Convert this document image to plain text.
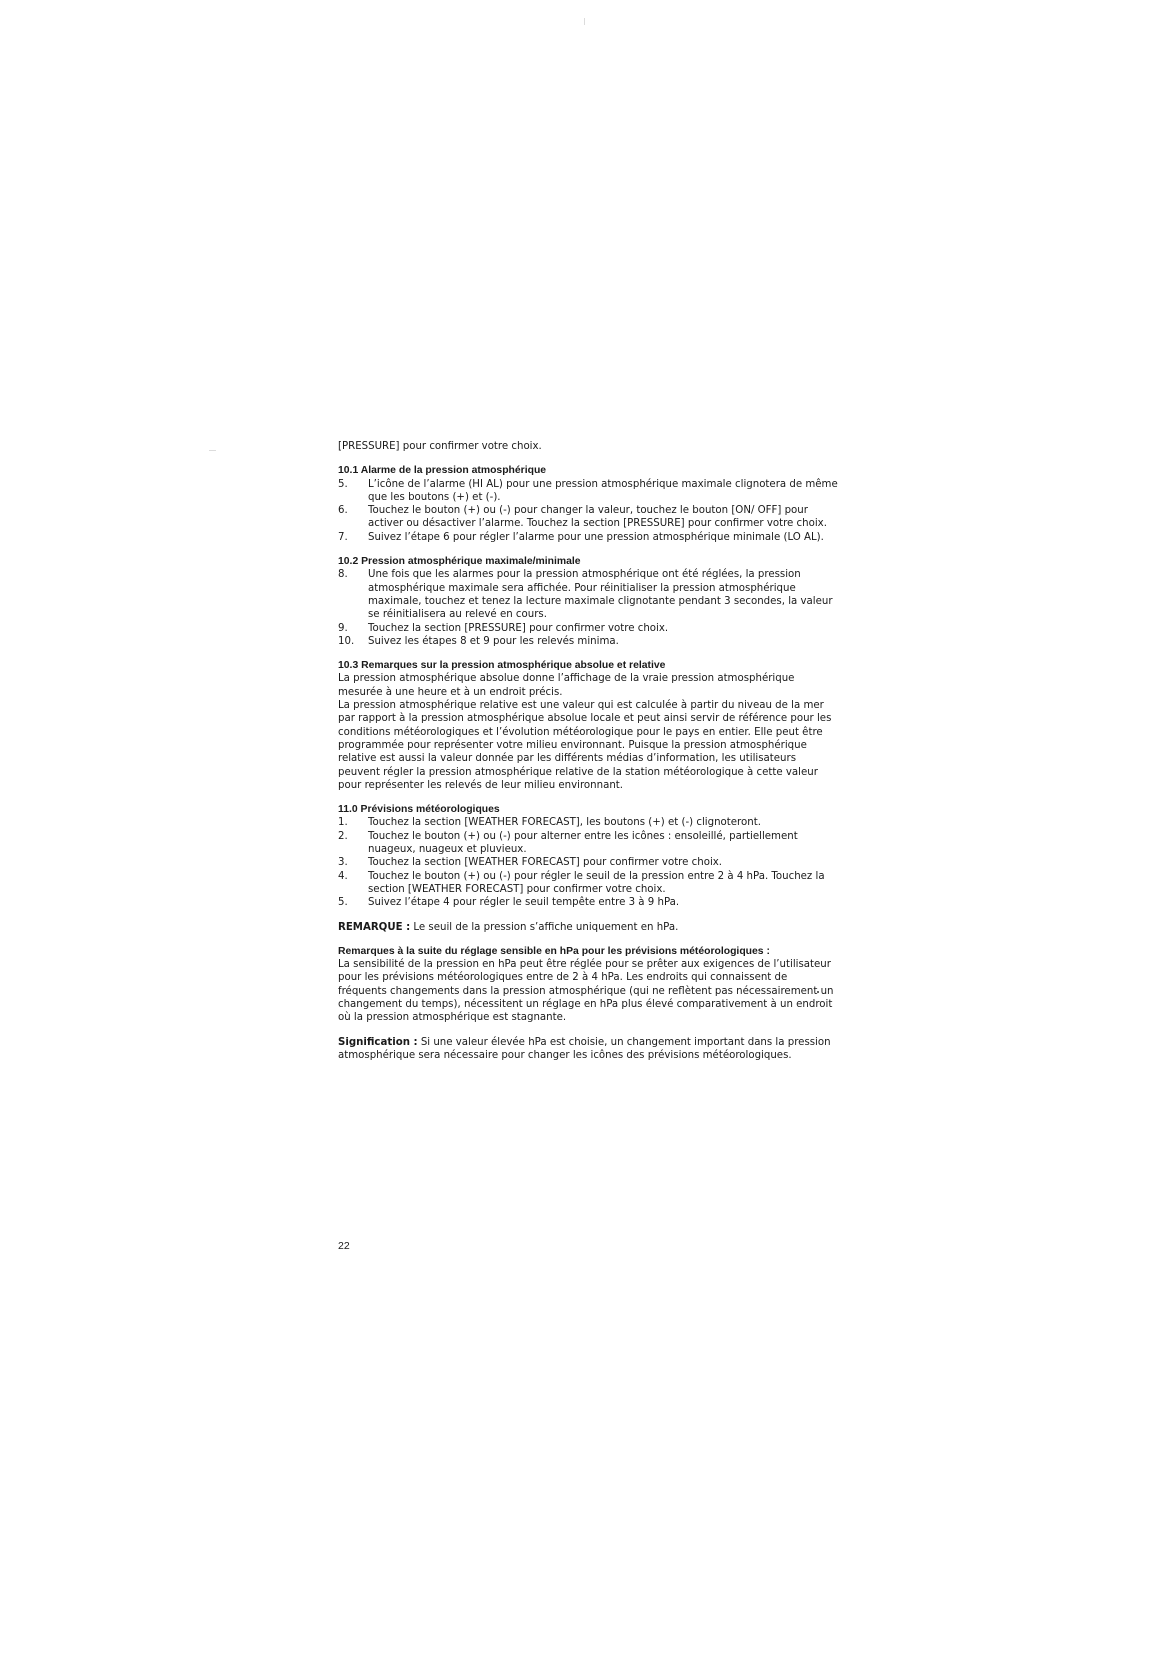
[PRESSURE] pour confirmer votre choix.

10.1 Alarme de la pression atmosphérique
5.	L’icône de l’alarme (HI AL) pour une pression atmosphérique maximale clignotera de même que les boutons (+) et (-).
6.	Touchez le bouton (+) ou (-) pour changer la valeur, touchez le bouton [ON/ OFF] pour activer ou désactiver l’alarme. Touchez la section [PRESSURE] pour confirmer votre choix.
7.	Suivez l’étape 6 pour régler l’alarme pour une pression atmosphérique minimale (LO AL).
10.2 Pression atmosphérique maximale/minimale
8.	Une fois que les alarmes pour la pression atmosphérique ont été réglées, la pression atmosphérique maximale sera affichée. Pour réinitialiser la pression atmosphérique maximale, touchez et tenez la lecture maximale clignotante pendant 3 secondes, la valeur se réinitialisera au relevé en cours.
9.	Touchez la section [PRESSURE] pour confirmer votre choix.
10.	Suivez les étapes 8 et 9 pour les relevés minima.
10.3 Remarques sur la pression atmosphérique absolue et relative

La pression atmosphérique absolue donne l’affichage de la vraie pression atmosphérique mesurée à une heure et à un endroit précis.

La pression atmosphérique relative est une valeur qui est calculée à partir du niveau de la mer par rapport à la pression atmosphérique absolue locale et peut ainsi servir de référence pour les conditions météorologiques et l’évolution météorologique pour le pays en entier. Elle peut être programmée pour représenter votre milieu environnant. Puisque la pression atmosphérique relative est aussi la valeur donnée par les différents médias d’information, les utilisateurs peuvent régler la pression atmosphérique relative de la station météorologique à cette valeur pour représenter les relevés de leur milieu environnant.

11.0 Prévisions météorologiques
1.	Touchez la section [WEATHER FORECAST], les boutons (+) et (-) clignoteront.
2.	Touchez le bouton (+) ou (-) pour alterner entre les icônes : ensoleillé, partiellement nuageux, nuageux et pluvieux.
3.	Touchez la section [WEATHER FORECAST] pour confirmer votre choix.
4.	Touchez le bouton (+) ou (-) pour régler le seuil de la pression entre 2 à 4 hPa. Touchez la section [WEATHER FORECAST] pour confirmer votre choix.
5.	Suivez l’étape 4 pour régler le seuil tempête entre 3 à 9 hPa.

REMARQUE : Le seuil de la pression s’affiche uniquement en hPa.

Remarques à la suite du réglage sensible en hPa pour les prévisions météorologiques :

La sensibilité de la pression en hPa peut être réglée pour se prêter aux exigences de l’utilisateur pour les prévisions météorologiques entre de 2 à 4 hPa. Les endroits qui connaissent de fréquents changements dans la pression atmosphérique (qui ne reflètent pas nécessairement un changement du temps), nécessitent un réglage en hPa plus élevé comparativement à un endroit où la pression atmosphérique est stagnante.

Signification : Si une valeur élevée hPa est choisie, un changement important dans la pression atmosphérique sera nécessaire pour changer les icônes des prévisions météorologiques.

22
